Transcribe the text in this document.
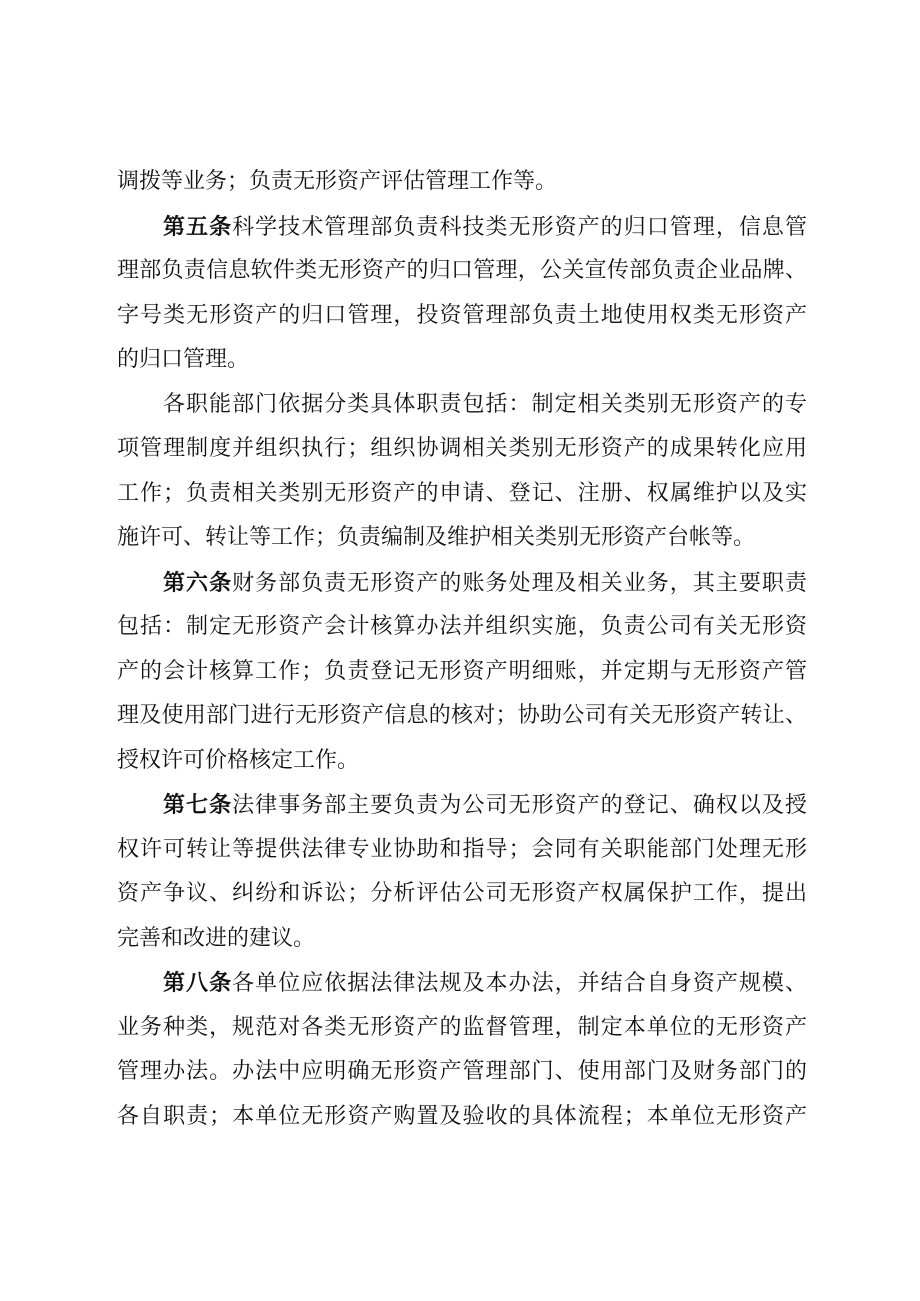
调拨等业务；负责无形资产评估管理工作等。
第五条科学技术管理部负责科技类无形资产的归口管理，信息管
理部负责信息软件类无形资产的归口管理，公关宣传部负责企业品牌、
字号类无形资产的归口管理，投资管理部负责土地使用权类无形资产
的归口管理。
各职能部门依据分类具体职责包括：制定相关类别无形资产的专
项管理制度并组织执行；组织协调相关类别无形资产的成果转化应用
工作；负责相关类别无形资产的申请、登记、注册、权属维护以及实
施许可、转让等工作；负责编制及维护相关类别无形资产台帐等。
第六条财务部负责无形资产的账务处理及相关业务，其主要职责
包括：制定无形资产会计核算办法并组织实施，负责公司有关无形资
产的会计核算工作；负责登记无形资产明细账，并定期与无形资产管
理及使用部门进行无形资产信息的核对；协助公司有关无形资产转让、
授权许可价格核定工作。
第七条法律事务部主要负责为公司无形资产的登记、确权以及授
权许可转让等提供法律专业协助和指导；会同有关职能部门处理无形
资产争议、纠纷和诉讼；分析评估公司无形资产权属保护工作，提出
完善和改进的建议。
第八条各单位应依据法律法规及本办法，并结合自身资产规模、
业务种类，规范对各类无形资产的监督管理，制定本单位的无形资产
管理办法。办法中应明确无形资产管理部门、使用部门及财务部门的
各自职责；本单位无形资产购置及验收的具体流程；本单位无形资产
